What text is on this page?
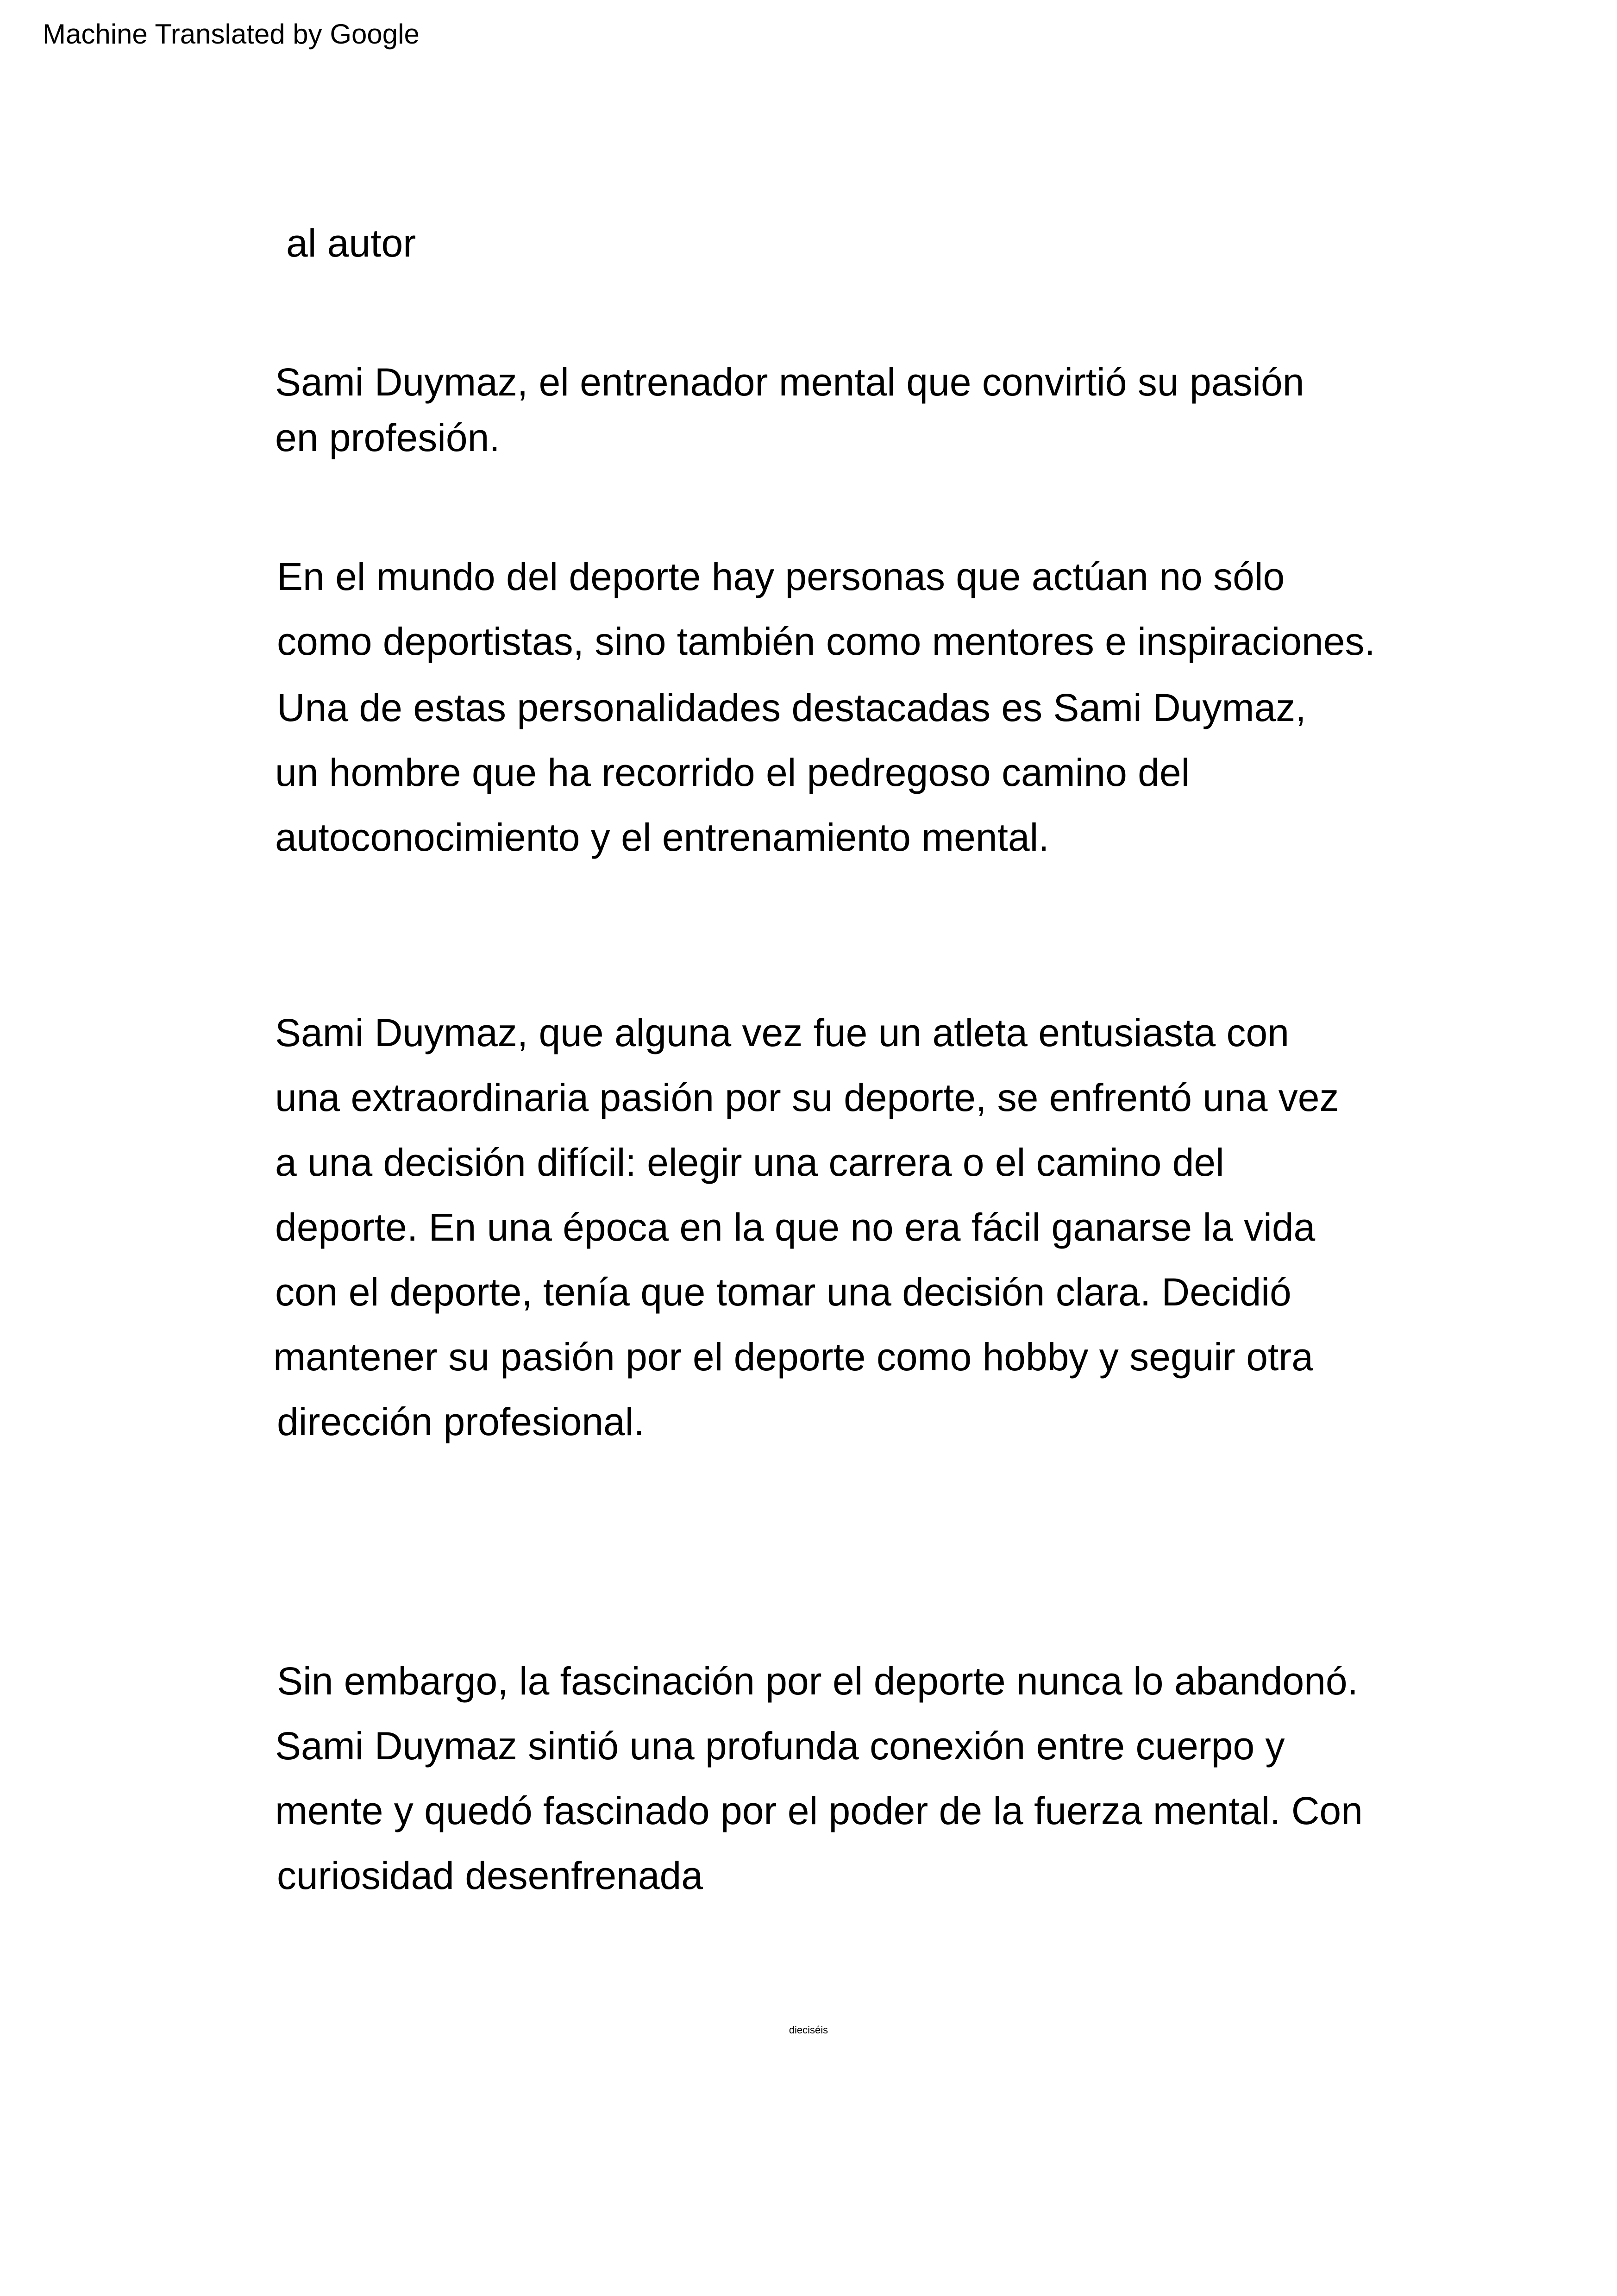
Machine Translated by Google
al autor
Sami Duymaz, el entrenador mental que convirtió su pasión
en profesión.
En el mundo del deporte hay personas que actúan no sólo
como deportistas, sino también como mentores e inspiraciones.
Una de estas personalidades destacadas es Sami Duymaz,
un hombre que ha recorrido el pedregoso camino del
autoconocimiento y el entrenamiento mental.
Sami Duymaz, que alguna vez fue un atleta entusiasta con
una extraordinaria pasión por su deporte, se enfrentó una vez
a una decisión difícil: elegir una carrera o el camino del
deporte. En una época en la que no era fácil ganarse la vida
con el deporte, tenía que tomar una decisión clara. Decidió
mantener su pasión por el deporte como hobby y seguir otra
dirección profesional.
Sin embargo, la fascinación por el deporte nunca lo abandonó.
Sami Duymaz sintió una profunda conexión entre cuerpo y
mente y quedó fascinado por el poder de la fuerza mental. Con
curiosidad desenfrenada
dieciséis
